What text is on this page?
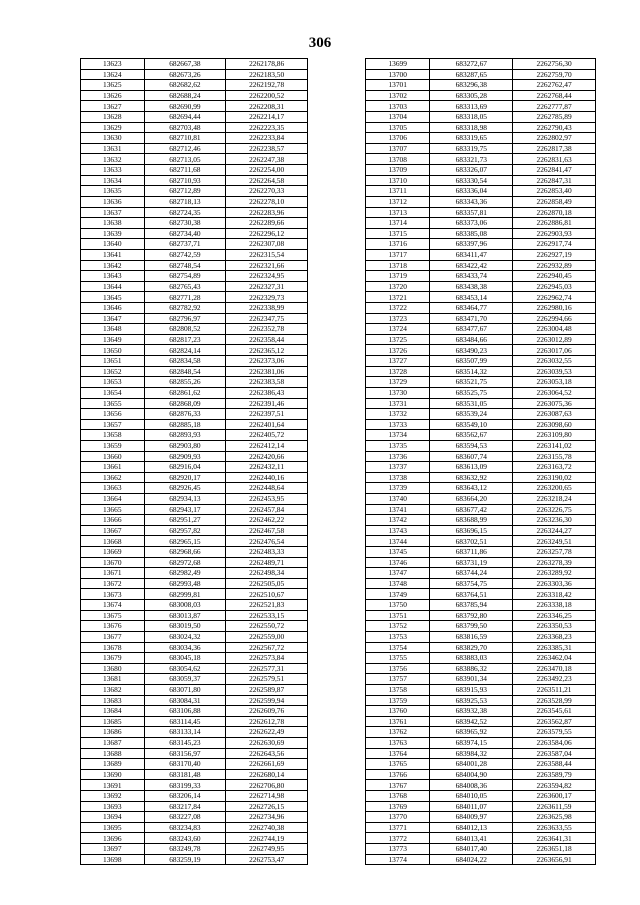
306
13623	682667,38	2262178,86
13624	682673,26	2262183,50
13625	682682,62	2262192,78
13626	682688,24	2262200,52
13627	682690,99	2262208,31
13628	682694,44	2262214,17
13629	682703,48	2262223,35
13630	682710,81	2262233,84
13631	682712,46	2262238,57
13632	682713,05	2262247,38
13633	682711,68	2262254,00
13634	682710,93	2262264,58
13635	682712,89	2262270,33
13636	682718,13	2262278,10
13637	682724,35	2262283,96
13638	682730,38	2262289,66
13639	682734,40	2262296,12
13640	682737,71	2262307,08
13641	682742,59	2262315,54
13642	682748,54	2262321,66
13643	682754,89	2262324,95
13644	682765,43	2262327,31
13645	682771,28	2262329,73
13646	682782,92	2262338,99
13647	682796,97	2262347,75
13648	682808,52	2262352,78
13649	682817,23	2262358,44
13650	682824,14	2262365,12
13651	682834,58	2262373,06
13652	682848,54	2262381,06
13653	682855,26	2262383,58
13654	682861,62	2262386,43
13655	682868,09	2262391,46
13656	682876,33	2262397,51
13657	682885,18	2262401,64
13658	682893,93	2262405,72
13659	682903,80	2262412,14
13660	682909,93	2262420,66
13661	682916,04	2262432,11
13662	682920,17	2262440,16
13663	682926,45	2262448,64
13664	682934,13	2262453,95
13665	682943,17	2262457,84
13666	682951,27	2262462,22
13667	682957,82	2262467,58
13668	682965,15	2262476,54
13669	682968,66	2262483,33
13670	682972,68	2262489,71
13671	682982,49	2262498,34
13672	682993,48	2262505,05
13673	682999,81	2262510,67
13674	683008,03	2262521,83
13675	683013,87	2262533,15
13676	683019,50	2262550,72
13677	683024,32	2262559,00
13678	683034,36	2262567,72
13679	683045,18	2262573,84
13680	683054,62	2262577,31
13681	683059,37	2262579,51
13682	683071,80	2262589,87
13683	683084,31	2262599,94
13684	683106,88	2262609,76
13685	683114,45	2262612,78
13686	683133,14	2262622,49
13687	683145,23	2262630,69
13688	683156,97	2262643,56
13689	683170,40	2262661,69
13690	683181,48	2262680,14
13691	683199,33	2262706,80
13692	683206,14	2262714,98
13693	683217,84	2262726,15
13694	683227,08	2262734,96
13695	683234,83	2262740,38
13696	683243,60	2262744,19
13697	683249,78	2262749,95
13698	683259,19	2262753,47
13699	683272,67	2262756,30
13700	683287,65	2262759,70
13701	683296,38	2262762,47
13702	683305,28	2262768,44
13703	683313,69	2262777,87
13704	683318,05	2262785,89
13705	683318,98	2262790,43
13706	683319,65	2262802,97
13707	683319,75	2262817,38
13708	683321,73	2262831,63
13709	683326,07	2262841,47
13710	683330,54	2262847,31
13711	683336,04	2262853,40
13712	683343,36	2262858,49
13713	683357,81	2262870,18
13714	683373,06	2262886,81
13715	683385,08	2262903,93
13716	683397,96	2262917,74
13717	683411,47	2262927,19
13718	683422,42	2262932,89
13719	683433,74	2262940,45
13720	683438,38	2262945,03
13721	683453,14	2262962,74
13722	683464,77	2262980,16
13723	683471,70	2262994,66
13724	683477,67	2263004,48
13725	683484,66	2263012,89
13726	683490,23	2263017,06
13727	683507,99	2263032,55
13728	683514,32	2263039,53
13729	683521,75	2263053,18
13730	683525,75	2263064,52
13731	683531,05	2263075,36
13732	683539,24	2263087,63
13733	683549,10	2263098,60
13734	683562,67	2263109,80
13735	683594,53	2263141,02
13736	683607,74	2263155,78
13737	683613,09	2263163,72
13738	683632,92	2263190,02
13739	683643,12	2263200,65
13740	683664,20	2263218,24
13741	683677,42	2263226,75
13742	683688,99	2263236,30
13743	683696,15	2263244,27
13744	683702,51	2263249,51
13745	683711,86	2263257,78
13746	683731,19	2263278,39
13747	683744,24	2263289,92
13748	683754,75	2263303,36
13749	683764,51	2263318,42
13750	683785,94	2263338,18
13751	683792,80	2263346,25
13752	683799,50	2263350,53
13753	683816,59	2263368,23
13754	683829,70	2263385,31
13755	683883,03	2263462,04
13756	683886,32	2263470,18
13757	683901,34	2263492,23
13758	683915,93	2263511,21
13759	683925,53	2263528,99
13760	683932,38	2263545,61
13761	683942,52	2263562,87
13762	683965,92	2263579,55
13763	683974,15	2263584,06
13764	683984,32	2263587,04
13765	684001,28	2263588,44
13766	684004,90	2263589,79
13767	684008,36	2263594,82
13768	684010,05	2263600,17
13769	684011,07	2263611,59
13770	684009,97	2263625,98
13771	684012,13	2263633,55
13772	684013,41	2263641,31
13773	684017,40	2263651,18
13774	684024,22	2263656,91
